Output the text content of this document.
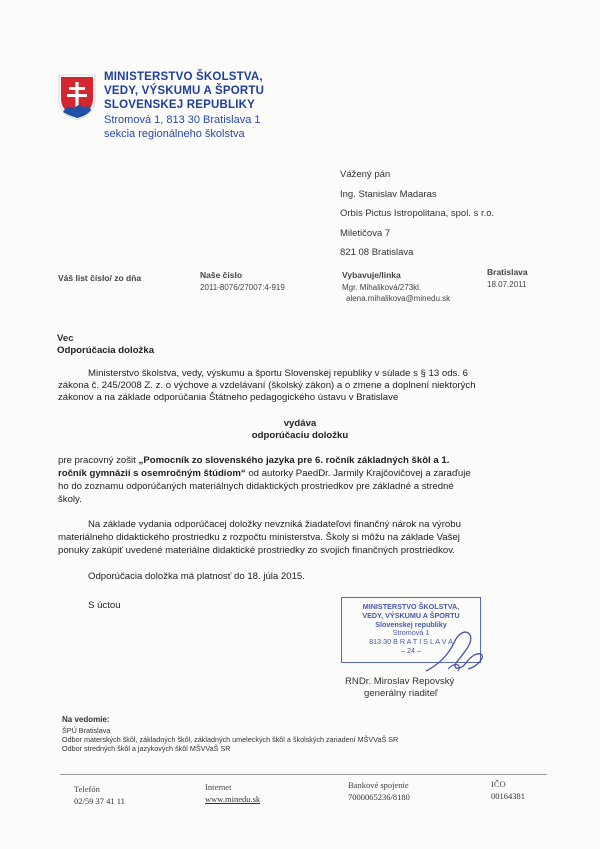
MINISTERSTVO ŠKOLSTVA,
VEDY, VÝSKUMU A ŠPORTU
SLOVENSKEJ REPUBLIKY
Stromová 1, 813 30 Bratislava 1
sekcia regionálneho školstva
Vážený pán
Ing. Stanislav Madaras
Orbis Pictus Istropolitana, spol. s r.o.
Miletičova 7
821 08 Bratislava
Váš list číslo/ zo dňa	Naše číslo
2011-8076/27007:4-919
Vybavuje/linka
Mgr. Mihaliková/273kl.
alena.mihalikova@minedu.sk
Bratislava
18.07.2011
Vec
Odporúčacia doložka
Ministerstvo školstva, vedy, výskumu a športu Slovenskej republiky v súlade s § 13 ods. 6
zákona č. 245/2008 Z. z. o výchove a vzdelávaní (školský zákon) a o zmene a doplnení niektorých
zákonov a na základe odporúčania Štátneho pedagogického ústavu v Bratislave
vydáva
odporúčaciu doložku
pre pracovný zošit „Pomocník zo slovenského jazyka pre 6. ročník základných škôl a 1.
ročník gymnázií s osemročným štúdiom“ od autorky PaedDr. Jarmily Krajčovičovej a zaraďuje
ho do zoznamu odporúčaných materiálnych didaktických prostriedkov pre základné a stredné
školy.
Na základe vydania odporúčacej doložky nevzniká žiadateľovi finančný nárok na výrobu
materiálneho didaktického prostriedku z rozpočtu ministerstva. Školy si môžu na základe Vašej
ponuky zakúpiť uvedené materiálne didaktické prostriedky zo svojich finančných prostriedkov.
Odporúčacia doložka má platnosť do 18. júla 2015.
S úctou	MINISTERSTVO ŠKOLSTVA,
VEDY, VÝSKUMU A ŠPORTU
Slovenskej republiky
Stromová 1
813 30 B R A T I S L A V A
– 24 –
RNDr. Miroslav Repovský
generálny riaditeľ
Na vedomie:
ŠPÚ Bratislava
Odbor materských škôl, základných škôl, základných umeleckých škôl a školských zariadení MŠVVaŠ SR
Odbor stredných škôl a jazykových škôl MŠVVaŠ SR
Telefón
02/59 37 41 11
Internet
www.minedu.sk
Bankové spojenie
7000065236/8180
IČO
00164381
